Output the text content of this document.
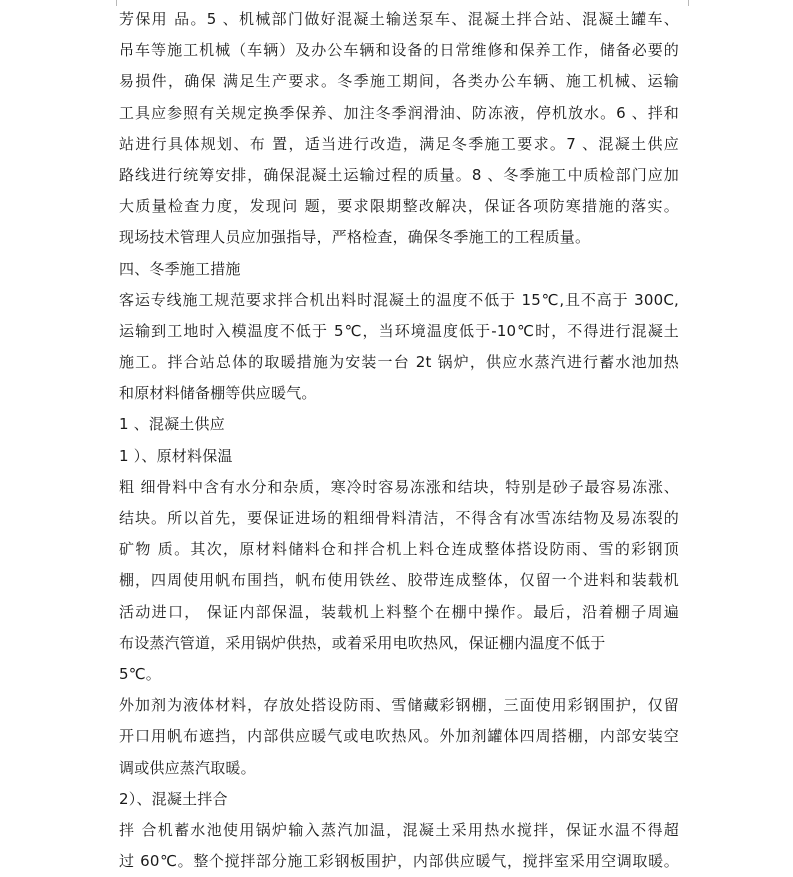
芳保用 品。5 、机械部门做好混凝土输送泵车、混凝土拌合站、混凝土罐车、
吊车等施工机械（车辆）及办公车辆和设备的日常维修和保养工作，储备必要的
易损件，确保 满足生产要求。冬季施工期间，各类办公车辆、施工机械、运输
工具应参照有关规定换季保养、加注冬季润滑油、防冻液，停机放水。6 、拌和
站进行具体规划、布 置，适当进行改造，满足冬季施工要求。7 、混凝土供应
路线进行统筹安排，确保混凝土运输过程的质量。8 、冬季施工中质检部门应加
大质量检查力度，发现问 题，要求限期整改解决，保证各项防寒措施的落实。
现场技术管理人员应加强指导，严格检查，确保冬季施工的工程质量。
四、冬季施工措施
客运专线施工规范要求拌合机出料时混凝土的温度不低于 15℃,且不高于 300C,
运输到工地时入模温度不低于 5℃，当环境温度低于-10℃时，不得进行混凝土
施工。拌合站总体的取暖措施为安装一台 2t 锅炉，供应水蒸汽进行蓄水池加热
和原材料储备棚等供应暖气。
1 、混凝土供应
1 ）、原材料保温
粗 细骨料中含有水分和杂质，寒冷时容易冻涨和结块，特别是砂子最容易冻涨、
结块。所以首先，要保证进场的粗细骨料清洁，不得含有冰雪冻结物及易冻裂的
矿物 质。其次，原材料储料仓和拌合机上料仓连成整体搭设防雨、雪的彩钢顶
棚，四周使用帆布围挡，帆布使用铁丝、胶带连成整体，仅留一个进料和装载机
活动进口， 保证内部保温，装载机上料整个在棚中操作。最后，沿着棚子周遍
布设蒸汽管道，采用锅炉供热，或着采用电吹热风，保证棚内温度不低于
5℃。
外加剂为液体材料，存放处搭设防雨、雪储藏彩钢棚，三面使用彩钢围护，仅留
开口用帆布遮挡，内部供应暖气或电吹热风。外加剂罐体四周搭棚，内部安装空
调或供应蒸汽取暖。
2）、混凝土拌合
拌 合机蓄水池使用锅炉输入蒸汽加温，混凝土采用热水搅拌，保证水温不得超
过 60℃。整个搅拌部分施工彩钢板围护，内部供应暖气，搅拌室采用空调取暖。
